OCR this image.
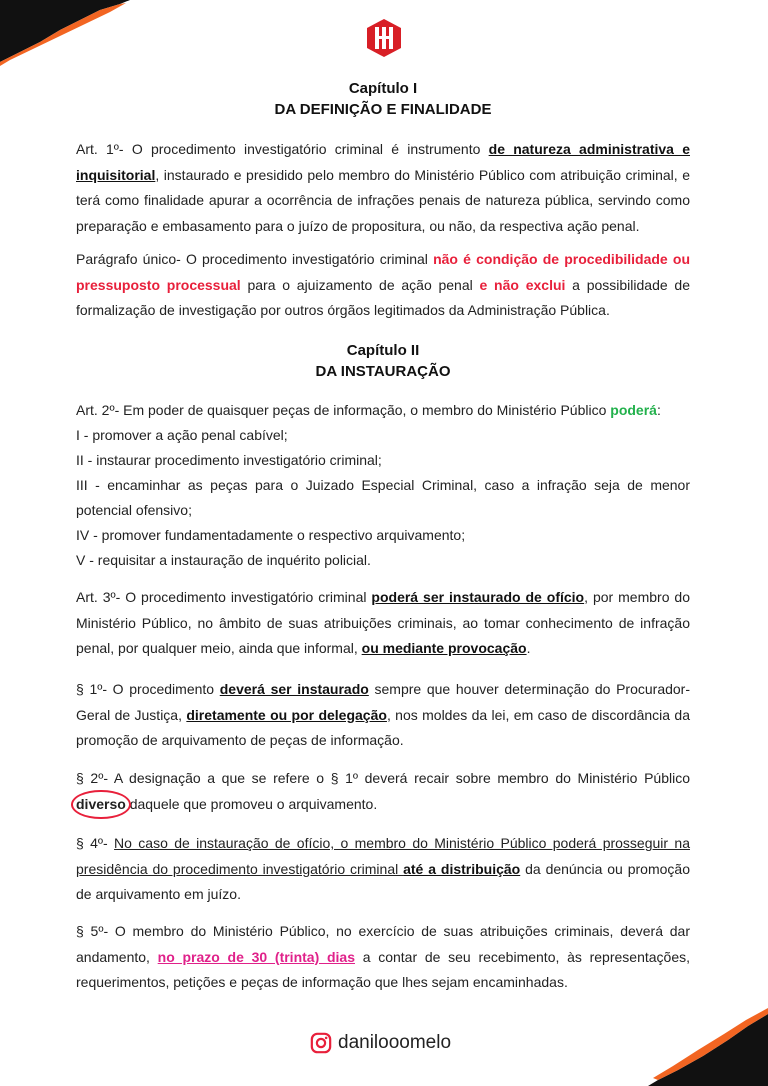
Capítulo I
DA DEFINIÇÃO E FINALIDADE

Art. 1º- O procedimento investigatório criminal é instrumento de natureza administrativa e inquisitorial, instaurado e presidido pelo membro do Ministério Público com atribuição criminal, e terá como finalidade apurar a ocorrência de infrações penais de natureza pública, servindo como preparação e embasamento para o juízo de propositura, ou não, da respectiva ação penal.

Parágrafo único- O procedimento investigatório criminal não é condição de procedibilidade ou pressuposto processual para o ajuizamento de ação penal e não exclui a possibilidade de formalização de investigação por outros órgãos legitimados da Administração Pública.

Capítulo II
DA INSTAURAÇÃO

Art. 2º- Em poder de quaisquer peças de informação, o membro do Ministério Público poderá:

I - promover a ação penal cabível;

II - instaurar procedimento investigatório criminal;

III - encaminhar as peças para o Juizado Especial Criminal, caso a infração seja de menor

potencial ofensivo;

IV - promover fundamentadamente o respectivo arquivamento;

V - requisitar a instauração de inquérito policial.

Art. 3º- O procedimento investigatório criminal poderá ser instaurado de ofício, por membro do Ministério Público, no âmbito de suas atribuições criminais, ao tomar conhecimento de infração penal, por qualquer meio, ainda que informal, ou mediante provocação.

§ 1º- O procedimento deverá ser instaurado sempre que houver determinação do Procurador-Geral de Justiça, diretamente ou por delegação, nos moldes da lei, em caso de discordância da promoção de arquivamento de peças de informação.

§ 2º- A designação a que se refere o § 1º deverá recair sobre membro do Ministério Público diverso daquele que promoveu o arquivamento.

§ 4º- No caso de instauração de ofício, o membro do Ministério Público poderá prosseguir na presidência do procedimento investigatório criminal até a distribuição da denúncia ou promoção de arquivamento em juízo.

§ 5º- O membro do Ministério Público, no exercício de suas atribuições criminais, deverá dar andamento, no prazo de 30 (trinta) dias a contar de seu recebimento, às representações, requerimentos, petições e peças de informação que lhes sejam encaminhadas.

danilooomelo
